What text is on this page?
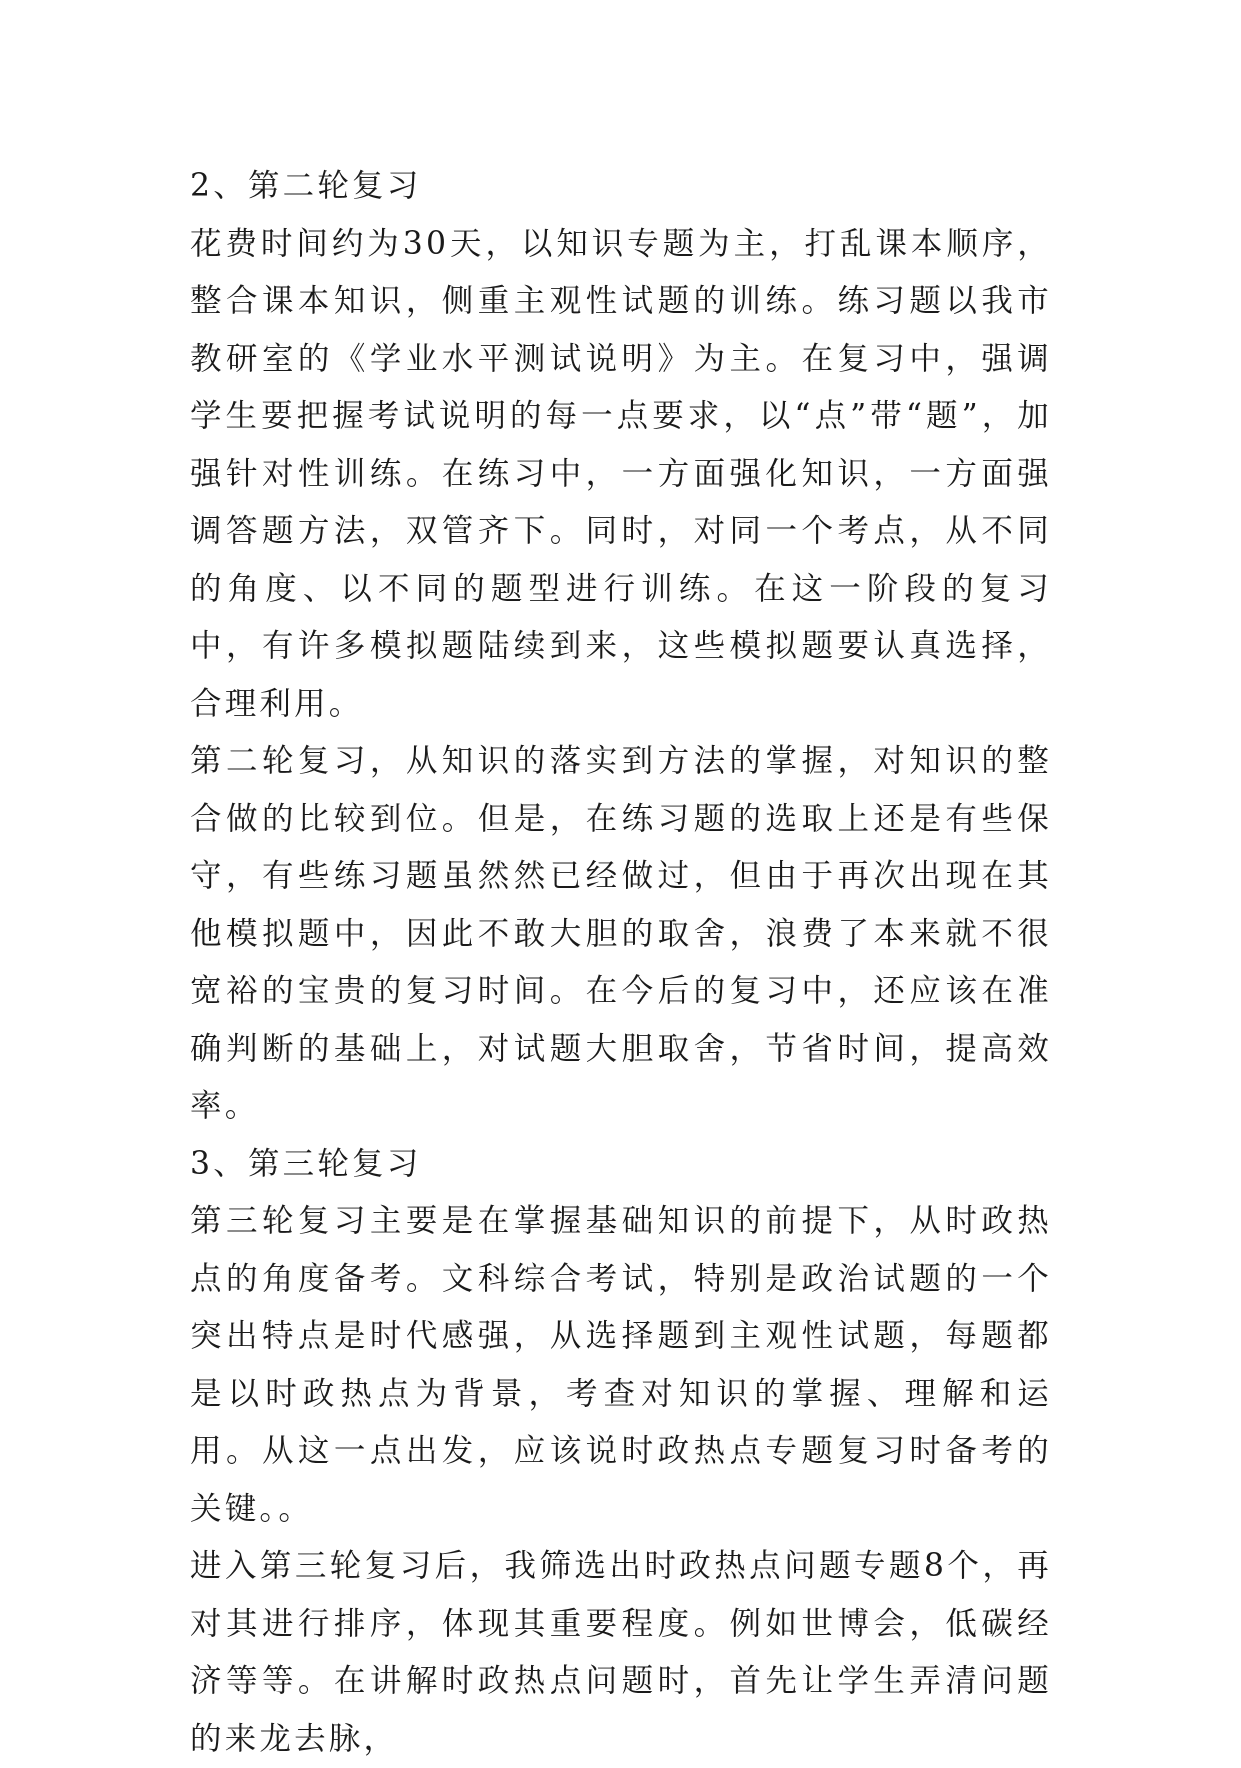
2、第二轮复习

花费时间约为30天，以知识专题为主，打乱课本顺序，整合课本知识，侧重主观性试题的训练。练习题以我市教研室的《学业水平测试说明》为主。在复习中，强调学生要把握考试说明的每一点要求，以“点”带“题”，加强针对性训练。在练习中，一方面强化知识，一方面强调答题方法，双管齐下。同时，对同一个考点，从不同的角度、以不同的题型进行训练。在这一阶段的复习中，有许多模拟题陆续到来，这些模拟题要认真选择，合理利用。

第二轮复习，从知识的落实到方法的掌握，对知识的整合做的比较到位。但是，在练习题的选取上还是有些保守，有些练习题虽然然已经做过，但由于再次出现在其他模拟题中，因此不敢大胆的取舍，浪费了本来就不很宽裕的宝贵的复习时间。在今后的复习中，还应该在准确判断的基础上，对试题大胆取舍，节省时间，提高效率。

3、第三轮复习

第三轮复习主要是在掌握基础知识的前提下，从时政热点的角度备考。文科综合考试，特别是政治试题的一个突出特点是时代感强，从选择题到主观性试题，每题都是以时政热点为背景，考查对知识的掌握、理解和运用。从这一点出发，应该说时政热点专题复习时备考的关键。。

进入第三轮复习后，我筛选出时政热点问题专题8个，再对其进行排序，体现其重要程度。例如世博会，低碳经济等等。在讲解时政热点问题时，首先让学生弄清问题的来龙去脉，
